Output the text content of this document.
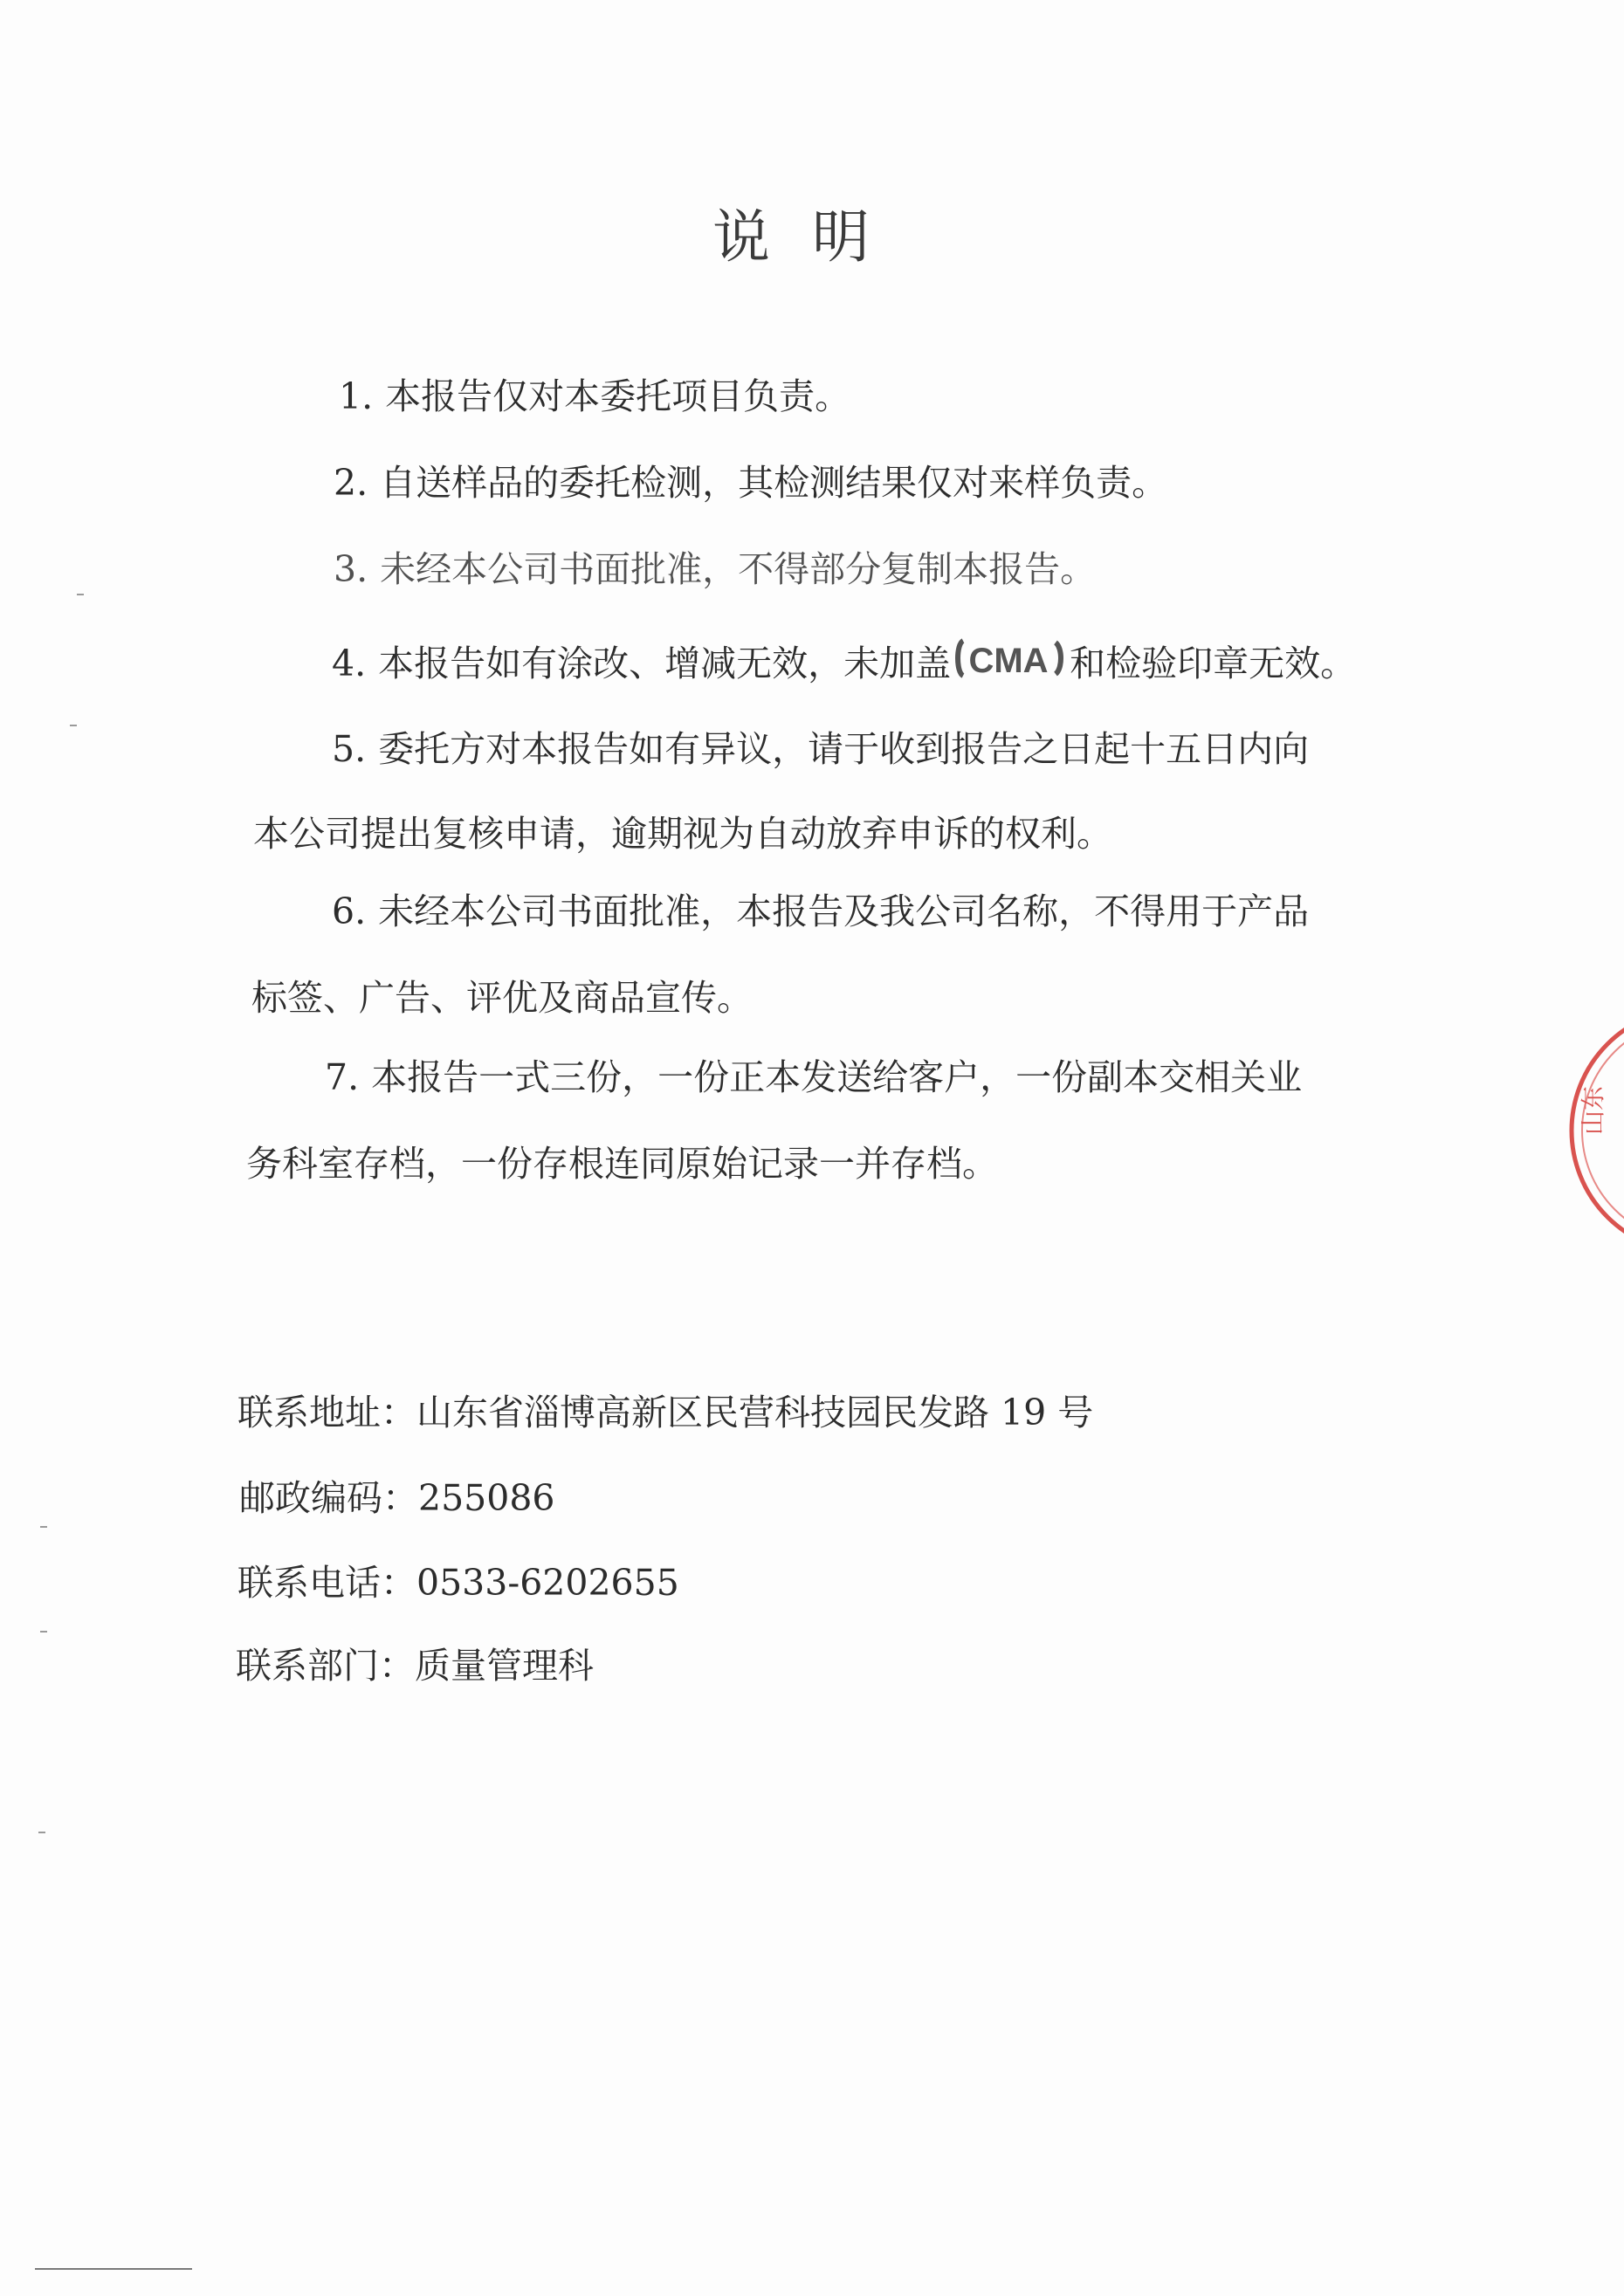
说明
1. 本报告仅对本委托项目负责。
2. 自送样品的委托检测，其检测结果仅对来样负责。
3. 未经本公司书面批准，不得部分复制本报告。
4. 本报告如有涂改、增减无效，未加盖 CMA 和检验印章无效。
5. 委托方对本报告如有异议，请于收到报告之日起十五日内向
本公司提出复核申请，逾期视为自动放弃申诉的权利。
6. 未经本公司书面批准，本报告及我公司名称，不得用于产品
标签、广告、评优及商品宣传。
7. 本报告一式三份，一份正本发送给客户，一份副本交相关业
务科室存档，一份存根连同原始记录一并存档。
联系地址：山东省淄博高新区民营科技园民发路 19 号
邮政编码：255086
联系电话：0533-6202655
联系部门：质量管理科
山东
